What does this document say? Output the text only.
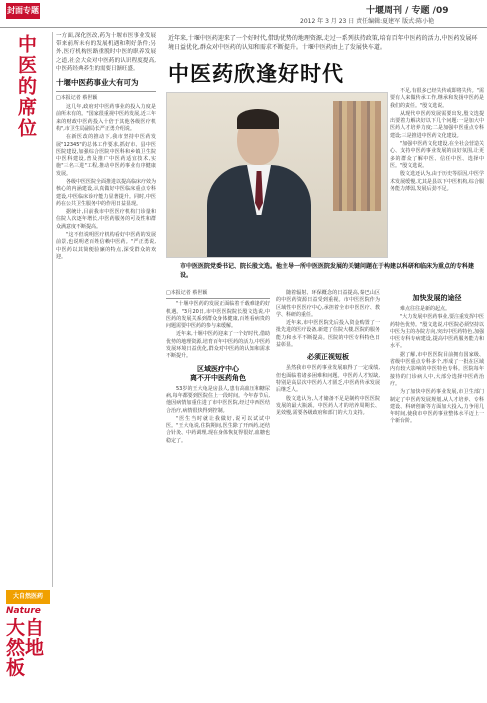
封面专题	十堰周刊 / 专题 /09
2012 年 3 月 23 日 责任编辑:夏建军 版式:陈小艳
中医的席位	一方面,深化医改,药为十堰市医事业发展带来前所未有的发展机遇和利好条件;另外,医疗机构医路重脱时中医的职养发展之道,社会大众对中医药的认识程度提高,中医药经典养生的需要日渐旺盛。
十堰中医药事业大有可为
□本报记者 蔡世颖

这几年,政府对中医药事业的投入力度是前所未有的。"国家很重视中医药发展,近三年来的财政中医药投入十倍于其他各级医疗机构",市卫生局副局长严正勇介绍说。

在新医改的推动下,我市坚持中医药发展"12345"的总体工作要求,抓好市、县中医医院建设,加强综合医院中医科和乡镇卫生院中医科建设,普及推广中医药适宜技术,实施"三名三进"工程,推动中医药事业有序健康发展。

各级中医医院全面推进以提高临床疗效为核心的内涵建设,认真做好中医临床重点专科建设,中医临床诊疗能力显著提升。同时,中医药在公共卫生服务中的作用日益显现。

据统计,目前我市中医医疗机构门诊量和住院人次逐年增长,中医药服务的可及性和群众满意度不断提高。

"这不但说明医疗机构看好中医药的发展前景,也说明老百姓信赖中医药。"严正勇说,中医药以其简便验廉的特点,深受群众的欢迎。

大自然医药
Nature
大自然地板
近年来,十堰中医药迎来了一个好时代,借助优势的地理资源,走过一系列扶持政策,培育百年中医药的活力,中医药发展环境日益优化,群众对中医药的认知和需求不断提升。十堰中医药由上了发展快车道。
中医药欣逢好时代
市中医医院党委书记、院长殷文选。他主导一所中医医院发展的关键问题在于构建以科研和临床为重点的专科建设。
□本报记者 蔡世颖

"十堰中医药的发展正面临着千载难逢的好机遇。"3月20日,市中医医院院长殷文选说,中医药的发展关系到群众身体健康,百姓看病贵的问题需要中医药的参与来缓解。

近年来,十堰中医药迎来了一个好时代,借助优势的地理资源,培育百年中医药的活力,中医药发展环境日益优化,群众对中医药的认知和需求不断提升。

区域医疗中心
离不开中医药角色

53岁的王大龟是房县人,患有高血压和糖尿病,每年都要到医院住上一段时间。今年春节后,他因病情加重住进了市中医医院,经过中西医结合治疗,病情很快得到控制。

"医生当时就让我做好,说可以试试中医。"王大龟说,住院期间,医生除了开西药,还结合针灸、中药调理,现在身体恢复得很好,血糖也稳定了。

随着辐射、环保概念的日益提高,秦巴山区的中医药资源日益受到重视。市中医医院作为区域性中医医疗中心,承担着全市中医医疗、教学、科研的重任。

近年来,市中医医院先后投入资金购置了一批先进的医疗设备,新建了住院大楼,医院的服务能力和水平不断提高。医院的中医专科特色日益彰显。

必须正视短板

虽然我市中医药事业发展取得了一定成绩,但也面临着诸多困难和问题。中医药人才短缺,特别是高层次中医药人才匮乏,中医药传承发展后继乏人。

殷文选认为,人才储备不足是制约中医医院发展的最大瓶颈。中医药人才的培养周期长、见效慢,需要各级政府和部门的大力支持。

不足,有很多已经失传或即将失传。"需要有人来做传承工作,继承和发扬中医药是我们的责任。"殷文选说。

从现代中医药发展需要出发,殷文选提出要着力解决好以下几个问题:一是加大中医药人才培养力度;二是加强中医重点专科建设;三是推进中医药文化建设。

"加强中医药文化建设,在全社会营造关心、支持中医药事业发展的良好氛围,让更多的群众了解中医、信任中医、选择中医。"殷文选说。

殷文选还认为,由于历史等原因,中医学术发展缓慢,尤其是县以下中医机构,综合服务能力薄弱,发展后劲不足。

加快发展的途径

难点往往是新的起点。

"大力发展中医药事业,要注重发挥中医药特色优势。"殷文选说,中医院必须坚持以中医为主的办院方向,突出中医药特色,加强中医专科专病建设,提高中医药服务能力和水平。

据了解,市中医医院目前拥有国家级、省级中医重点专科多个,形成了一批在区域内有较大影响的中医特色专科。医院每年接待的门诊病人中,大部分选择中医药治疗。

为了加快中医药事业发展,市卫生部门制定了中医药发展规划,从人才培养、专科建设、科研创新等方面加大投入,力争用几年时间,使我市中医药事业整体水平迈上一个新台阶。
